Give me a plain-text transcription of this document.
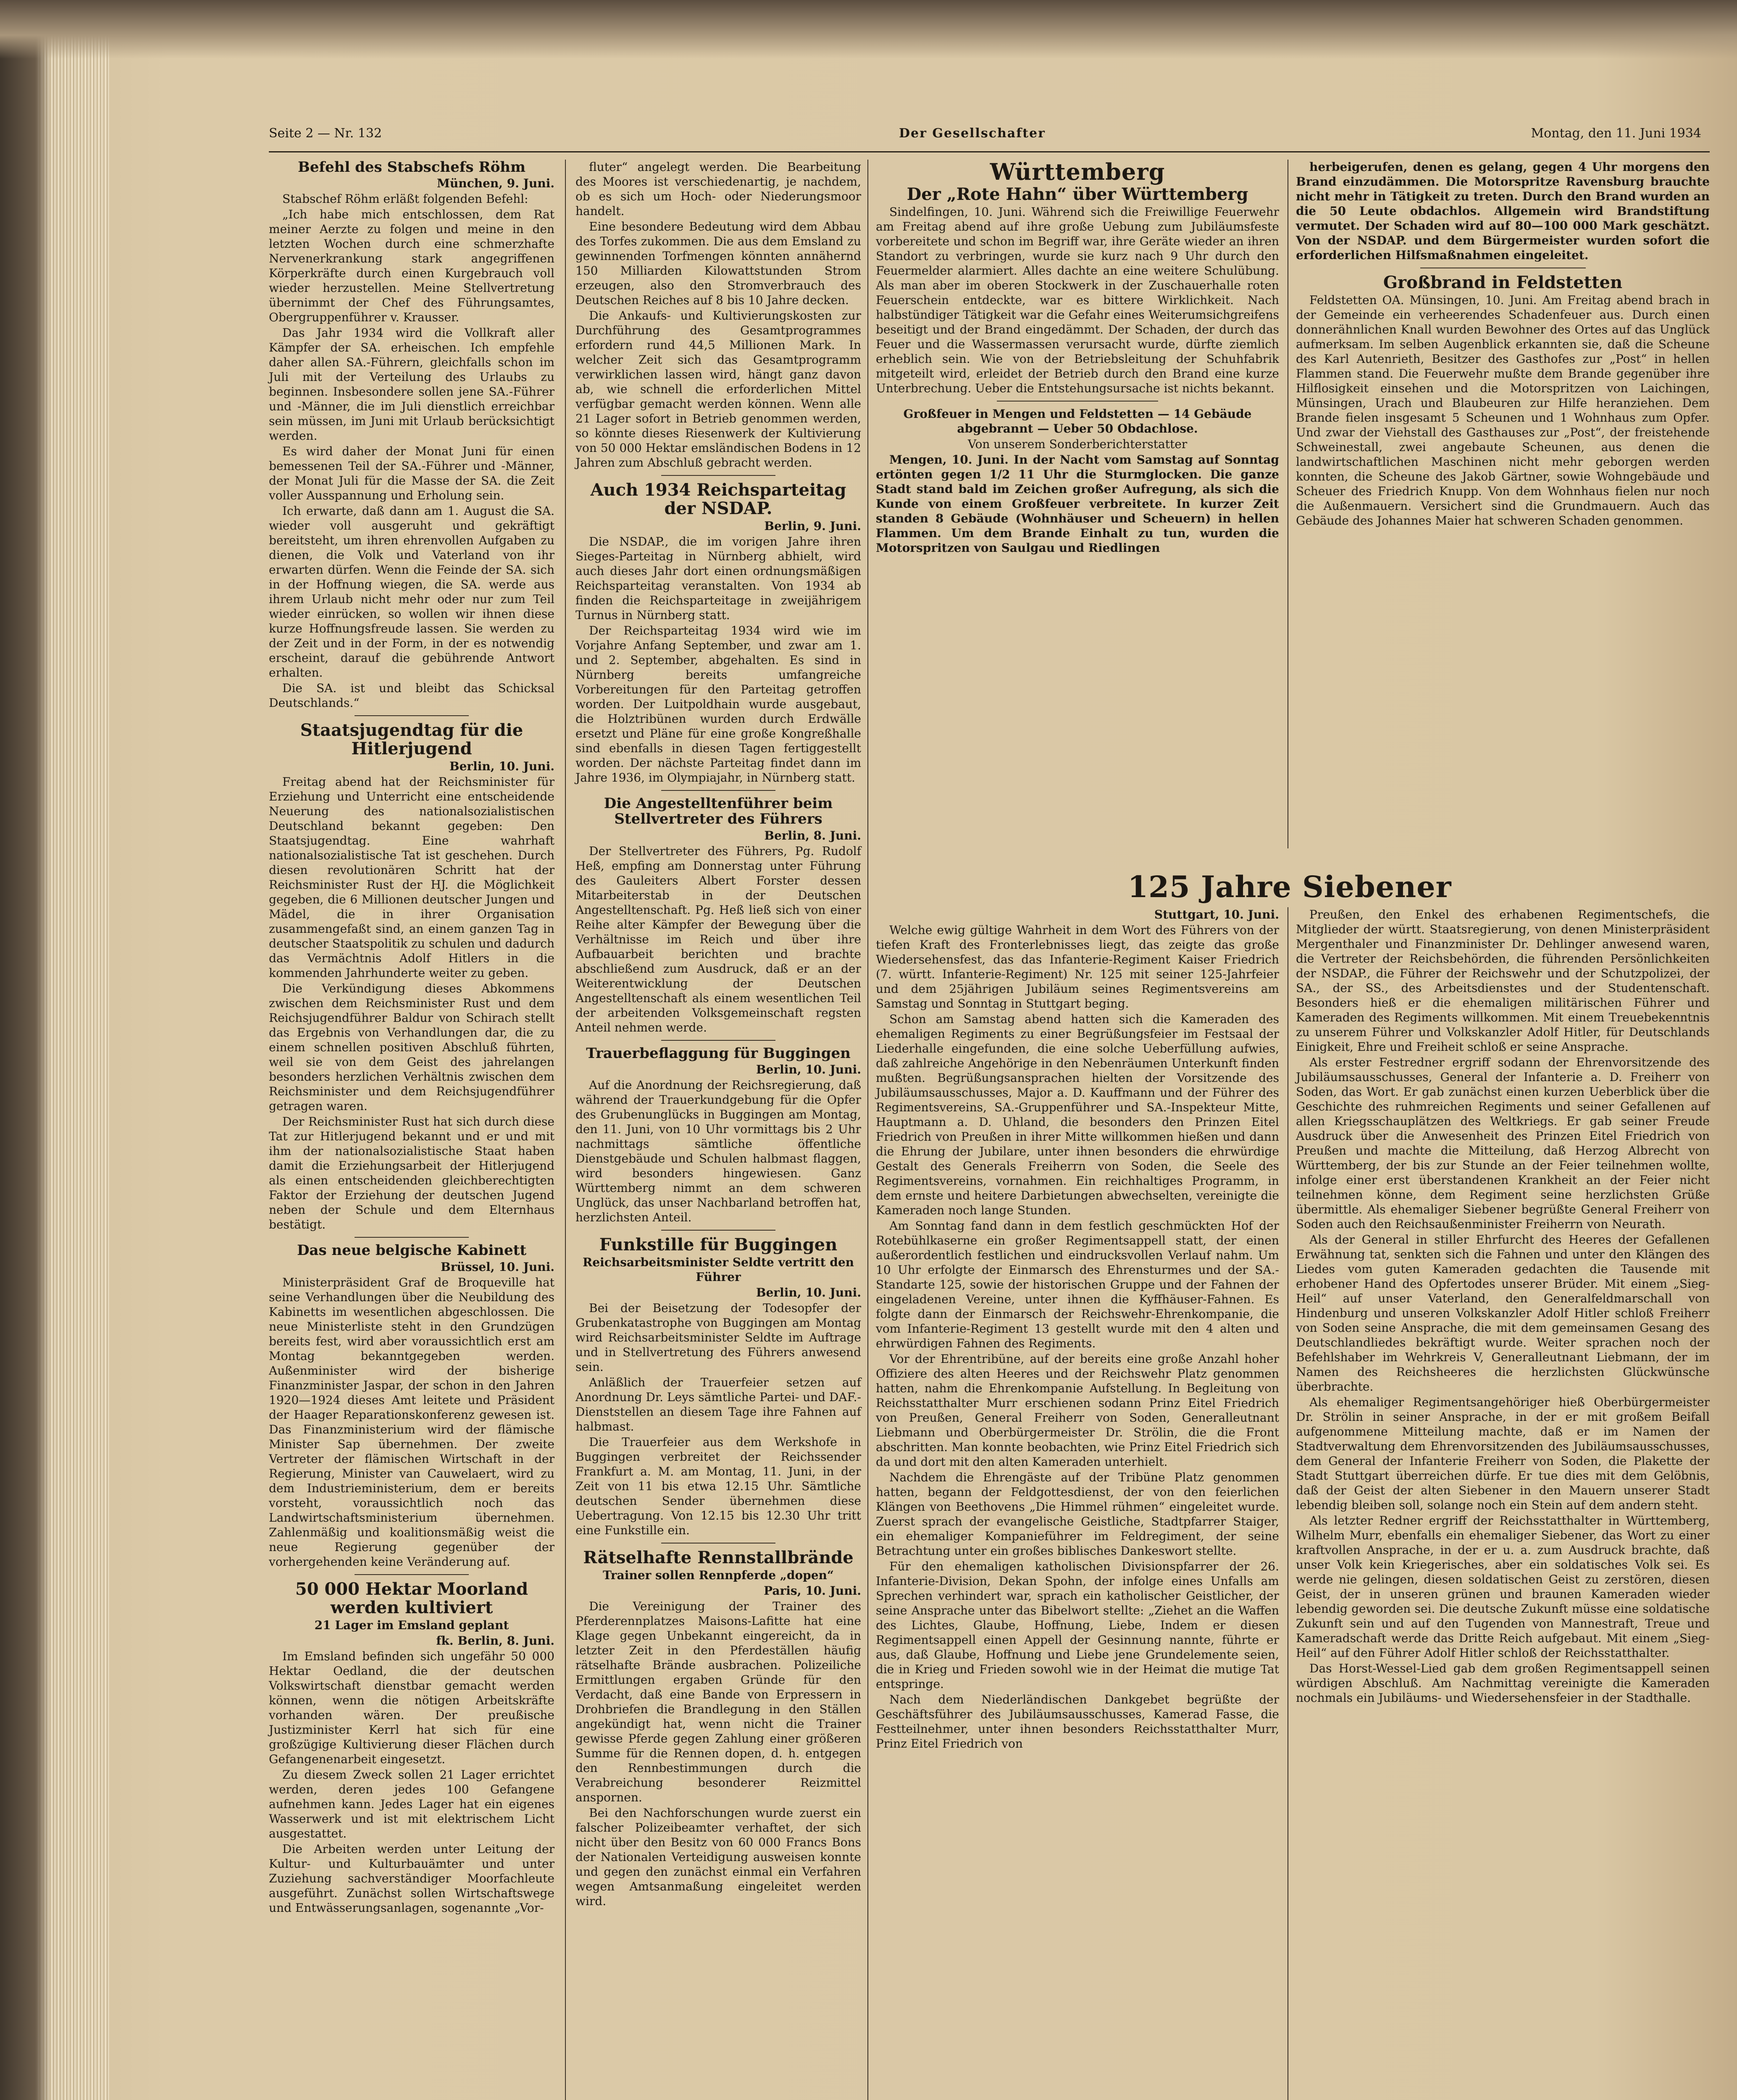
Seite 2 — Nr. 132	Der Gesellschafter	Montag, den 11. Juni 1934

Befehl des Stabschefs Röhm

München, 9. Juni.

Stabschef Röhm erläßt folgenden Befehl:

„Ich habe mich entschlossen, dem Rat meiner Aerzte zu folgen und meine in den letzten Wochen durch eine schmerzhafte Nervenerkrankung stark angegriffenen Körperkräfte durch einen Kurgebrauch voll wieder herzustellen. Meine Stellvertretung übernimmt der Chef des Führungsamtes, Obergruppenführer v. Krausser.

Das Jahr 1934 wird die Vollkraft aller Kämpfer der SA. erheischen. Ich empfehle daher allen SA.-Führern, gleichfalls schon im Juli mit der Verteilung des Urlaubs zu beginnen. Insbesondere sollen jene SA.-Führer und -Männer, die im Juli dienstlich erreichbar sein müssen, im Juni mit Urlaub berücksichtigt werden.

Es wird daher der Monat Juni für einen bemessenen Teil der SA.-Führer und -Männer, der Monat Juli für die Masse der SA. die Zeit voller Ausspannung und Erholung sein.

Ich erwarte, daß dann am 1. August die SA. wieder voll ausgeruht und gekräftigt bereitsteht, um ihren ehrenvollen Aufgaben zu dienen, die Volk und Vaterland von ihr erwarten dürfen. Wenn die Feinde der SA. sich in der Hoffnung wiegen, die SA. werde aus ihrem Urlaub nicht mehr oder nur zum Teil wieder einrücken, so wollen wir ihnen diese kurze Hoffnungsfreude lassen. Sie werden zu der Zeit und in der Form, in der es notwendig erscheint, darauf die gebührende Antwort erhalten.

Die SA. ist und bleibt das Schicksal Deutschlands.“

Staatsjugendtag für die Hitlerjugend

Berlin, 10. Juni.

Freitag abend hat der Reichsminister für Erziehung und Unterricht eine entscheidende Neuerung des nationalsozialistischen Deutschland bekannt gegeben: Den Staatsjugendtag. Eine wahrhaft nationalsozialistische Tat ist geschehen. Durch diesen revolutionären Schritt hat der Reichsminister Rust der HJ. die Möglichkeit gegeben, die 6 Millionen deutscher Jungen und Mädel, die in ihrer Organisation zusammengefaßt sind, an einem ganzen Tag in deutscher Staatspolitik zu schulen und dadurch das Vermächtnis Adolf Hitlers in die kommenden Jahrhunderte weiter zu geben.

Die Verkündigung dieses Abkommens zwischen dem Reichsminister Rust und dem Reichsjugendführer Baldur von Schirach stellt das Ergebnis von Verhandlungen dar, die zu einem schnellen positiven Abschluß führten, weil sie von dem Geist des jahrelangen besonders herzlichen Verhältnis zwischen dem Reichsminister und dem Reichsjugendführer getragen waren.

Der Reichsminister Rust hat sich durch diese Tat zur Hitlerjugend bekannt und er und mit ihm der nationalsozialistische Staat haben damit die Erziehungsarbeit der Hitlerjugend als einen entscheidenden gleichberechtigten Faktor der Erziehung der deutschen Jugend neben der Schule und dem Elternhaus bestätigt.

Das neue belgische Kabinett

Brüssel, 10. Juni.

Ministerpräsident Graf de Broqueville hat seine Verhandlungen über die Neubildung des Kabinetts im wesentlichen abgeschlossen. Die neue Ministerliste steht in den Grundzügen bereits fest, wird aber voraussichtlich erst am Montag bekanntgegeben werden. Außenminister wird der bisherige Finanzminister Jaspar, der schon in den Jahren 1920—1924 dieses Amt leitete und Präsident der Haager Reparationskonferenz gewesen ist. Das Finanzministerium wird der flämische Minister Sap übernehmen. Der zweite Vertreter der flämischen Wirtschaft in der Regierung, Minister van Cauwelaert, wird zu dem Industrieministerium, dem er bereits vorsteht, voraussichtlich noch das Landwirtschaftsministerium übernehmen. Zahlenmäßig und koalitionsmäßig weist die neue Regierung gegenüber der vorhergehenden keine Veränderung auf.

50 000 Hektar Moorland werden kultiviert

21 Lager im Emsland geplant

fk. Berlin, 8. Juni.

Im Emsland befinden sich ungefähr 50 000 Hektar Oedland, die der deutschen Volkswirtschaft dienstbar gemacht werden können, wenn die nötigen Arbeitskräfte vorhanden wären. Der preußische Justizminister Kerrl hat sich für eine großzügige Kultivierung dieser Flächen durch Gefangenenarbeit eingesetzt.

Zu diesem Zweck sollen 21 Lager errichtet werden, deren jedes 100 Gefangene aufnehmen kann. Jedes Lager hat ein eigenes Wasserwerk und ist mit elektrischem Licht ausgestattet.

Die Arbeiten werden unter Leitung der Kultur- und Kulturbauämter und unter Zuziehung sachverständiger Moorfachleute ausgeführt. Zunächst sollen Wirtschaftswege und Entwässerungsanlagen, sogenannte „Vor-

fluter“ angelegt werden. Die Bearbeitung des Moores ist verschiedenartig, je nachdem, ob es sich um Hoch- oder Niederungsmoor handelt.

Eine besondere Bedeutung wird dem Abbau des Torfes zukommen. Die aus dem Emsland zu gewinnenden Torfmengen könnten annähernd 150 Milliarden Kilowattstunden Strom erzeugen, also den Stromverbrauch des Deutschen Reiches auf 8 bis 10 Jahre decken.

Die Ankaufs- und Kultivierungskosten zur Durchführung des Gesamtprogrammes erfordern rund 44,5 Millionen Mark. In welcher Zeit sich das Gesamtprogramm verwirklichen lassen wird, hängt ganz davon ab, wie schnell die erforderlichen Mittel verfügbar gemacht werden können. Wenn alle 21 Lager sofort in Betrieb genommen werden, so könnte dieses Riesenwerk der Kultivierung von 50 000 Hektar emsländischen Bodens in 12 Jahren zum Abschluß gebracht werden.

Auch 1934 Reichsparteitag der NSDAP.

Berlin, 9. Juni.

Die NSDAP., die im vorigen Jahre ihren Sieges-Parteitag in Nürnberg abhielt, wird auch dieses Jahr dort einen ordnungsmäßigen Reichsparteitag veranstalten. Von 1934 ab finden die Reichsparteitage in zweijährigem Turnus in Nürnberg statt.

Der Reichsparteitag 1934 wird wie im Vorjahre Anfang September, und zwar am 1. und 2. September, abgehalten. Es sind in Nürnberg bereits umfangreiche Vorbereitungen für den Parteitag getroffen worden. Der Luitpoldhain wurde ausgebaut, die Holztribünen wurden durch Erdwälle ersetzt und Pläne für eine große Kongreßhalle sind ebenfalls in diesen Tagen fertiggestellt worden. Der nächste Parteitag findet dann im Jahre 1936, im Olympiajahr, in Nürnberg statt.

Die Angestelltenführer beim Stellvertreter des Führers

Berlin, 8. Juni.

Der Stellvertreter des Führers, Pg. Rudolf Heß, empfing am Donnerstag unter Führung des Gauleiters Albert Forster dessen Mitarbeiterstab in der Deutschen Angestelltenschaft. Pg. Heß ließ sich von einer Reihe alter Kämpfer der Bewegung über die Verhältnisse im Reich und über ihre Aufbauarbeit berichten und brachte abschließend zum Ausdruck, daß er an der Weiterentwicklung der Deutschen Angestelltenschaft als einem wesentlichen Teil der arbeitenden Volksgemeinschaft regsten Anteil nehmen werde.

Trauerbeflaggung für Buggingen

Berlin, 10. Juni.

Auf die Anordnung der Reichsregierung, daß während der Trauerkundgebung für die Opfer des Grubenunglücks in Buggingen am Montag, den 11. Juni, von 10 Uhr vormittags bis 2 Uhr nachmittags sämtliche öffentliche Dienstgebäude und Schulen halbmast flaggen, wird besonders hingewiesen. Ganz Württemberg nimmt an dem schweren Unglück, das unser Nachbarland betroffen hat, herzlichsten Anteil.

Funkstille für Buggingen

Reichsarbeitsminister Seldte vertritt den Führer

Berlin, 10. Juni.

Bei der Beisetzung der Todesopfer der Grubenkatastrophe von Buggingen am Montag wird Reichsarbeitsminister Seldte im Auftrage und in Stellvertretung des Führers anwesend sein.

Anläßlich der Trauerfeier setzen auf Anordnung Dr. Leys sämtliche Partei- und DAF.-Dienststellen an diesem Tage ihre Fahnen auf halbmast.

Die Trauerfeier aus dem Werkshofe in Buggingen verbreitet der Reichssender Frankfurt a. M. am Montag, 11. Juni, in der Zeit von 11 bis etwa 12.15 Uhr. Sämtliche deutschen Sender übernehmen diese Uebertragung. Von 12.15 bis 12.30 Uhr tritt eine Funkstille ein.

Rätselhafte Rennstallbrände

Trainer sollen Rennpferde „dopen“

Paris, 10. Juni.

Die Vereinigung der Trainer des Pferderennplatzes Maisons-Lafitte hat eine Klage gegen Unbekannt eingereicht, da in letzter Zeit in den Pferdeställen häufig rätselhafte Brände ausbrachen. Polizeiliche Ermittlungen ergaben Gründe für den Verdacht, daß eine Bande von Erpressern in Drohbriefen die Brandlegung in den Ställen angekündigt hat, wenn nicht die Trainer gewisse Pferde gegen Zahlung einer größeren Summe für die Rennen dopen, d. h. entgegen den Rennbestimmungen durch die Verabreichung besonderer Reizmittel anspornen.

Bei den Nachforschungen wurde zuerst ein falscher Polizeibeamter verhaftet, der sich nicht über den Besitz von 60 000 Francs Bons der Nationalen Verteidigung ausweisen konnte und gegen den zunächst einmal ein Verfahren wegen Amtsanmaßung eingeleitet werden wird.

Württemberg

Der „Rote Hahn“ über Württemberg

Sindelfingen, 10. Juni. Während sich die Freiwillige Feuerwehr am Freitag abend auf ihre große Uebung zum Jubiläumsfeste vorbereitete und schon im Begriff war, ihre Geräte wieder an ihren Standort zu verbringen, wurde sie kurz nach 9 Uhr durch den Feuermelder alarmiert. Alles dachte an eine weitere Schulübung. Als man aber im oberen Stockwerk in der Zuschauerhalle roten Feuerschein entdeckte, war es bittere Wirklichkeit. Nach halbstündiger Tätigkeit war die Gefahr eines Weiterumsichgreifens beseitigt und der Brand eingedämmt. Der Schaden, der durch das Feuer und die Wassermassen verursacht wurde, dürfte ziemlich erheblich sein. Wie von der Betriebsleitung der Schuhfabrik mitgeteilt wird, erleidet der Betrieb durch den Brand eine kurze Unterbrechung. Ueber die Entstehungsursache ist nichts bekannt.

Großfeuer in Mengen und Feldstetten — 14 Gebäude abgebrannt — Ueber 50 Obdachlose.

Von unserem Sonderberichterstatter

Mengen, 10. Juni. In der Nacht vom Samstag auf Sonntag ertönten gegen 1/2 11 Uhr die Sturmglocken. Die ganze Stadt stand bald im Zeichen großer Aufregung, als sich die Kunde von einem Großfeuer verbreitete. In kurzer Zeit standen 8 Gebäude (Wohnhäuser und Scheuern) in hellen Flammen. Um dem Brande Einhalt zu tun, wurden die Motorspritzen von Saulgau und Riedlingen

herbeigerufen, denen es gelang, gegen 4 Uhr morgens den Brand einzudämmen. Die Motorspritze Ravensburg brauchte nicht mehr in Tätigkeit zu treten. Durch den Brand wurden an die 50 Leute obdachlos. Allgemein wird Brandstiftung vermutet. Der Schaden wird auf 80—100 000 Mark geschätzt. Von der NSDAP. und dem Bürgermeister wurden sofort die erforderlichen Hilfsmaßnahmen eingeleitet.

Großbrand in Feldstetten

Feldstetten OA. Münsingen, 10. Juni. Am Freitag abend brach in der Gemeinde ein verheerendes Schadenfeuer aus. Durch einen donnerähnlichen Knall wurden Bewohner des Ortes auf das Unglück aufmerksam. Im selben Augenblick erkannten sie, daß die Scheune des Karl Autenrieth, Besitzer des Gasthofes zur „Post“ in hellen Flammen stand. Die Feuerwehr mußte dem Brande gegenüber ihre Hilflosigkeit einsehen und die Motorspritzen von Laichingen, Münsingen, Urach und Blaubeuren zur Hilfe heranziehen. Dem Brande fielen insgesamt 5 Scheunen und 1 Wohnhaus zum Opfer. Und zwar der Viehstall des Gasthauses zur „Post“, der freistehende Schweinestall, zwei angebaute Scheunen, aus denen die landwirtschaftlichen Maschinen nicht mehr geborgen werden konnten, die Scheune des Jakob Gärtner, sowie Wohngebäude und Scheuer des Friedrich Knupp. Von dem Wohnhaus fielen nur noch die Außenmauern. Versichert sind die Grundmauern. Auch das Gebäude des Johannes Maier hat schweren Schaden genommen.

125 Jahre Siebener

Stuttgart, 10. Juni.

Welche ewig gültige Wahrheit in dem Wort des Führers von der tiefen Kraft des Fronterlebnisses liegt, das zeigte das große Wiedersehensfest, das das Infanterie-Regiment Kaiser Friedrich (7. württ. Infanterie-Regiment) Nr. 125 mit seiner 125-Jahrfeier und dem 25jährigen Jubiläum seines Regimentsvereins am Samstag und Sonntag in Stuttgart beging.

Schon am Samstag abend hatten sich die Kameraden des ehemaligen Regiments zu einer Begrüßungsfeier im Festsaal der Liederhalle eingefunden, die eine solche Ueberfüllung aufwies, daß zahlreiche Angehörige in den Nebenräumen Unterkunft finden mußten. Begrüßungsansprachen hielten der Vorsitzende des Jubiläumsausschusses, Major a. D. Kauffmann und der Führer des Regimentsvereins, SA.-Gruppenführer und SA.-Inspekteur Mitte, Hauptmann a. D. Uhland, die besonders den Prinzen Eitel Friedrich von Preußen in ihrer Mitte willkommen hießen und dann die Ehrung der Jubilare, unter ihnen besonders die ehrwürdige Gestalt des Generals Freiherrn von Soden, die Seele des Regimentsvereins, vornahmen. Ein reichhaltiges Programm, in dem ernste und heitere Darbietungen abwechselten, vereinigte die Kameraden noch lange Stunden.

Am Sonntag fand dann in dem festlich geschmückten Hof der Rotebühlkaserne ein großer Regimentsappell statt, der einen außerordentlich festlichen und eindrucksvollen Verlauf nahm. Um 10 Uhr erfolgte der Einmarsch des Ehrensturmes und der SA.-Standarte 125, sowie der historischen Gruppe und der Fahnen der eingeladenen Vereine, unter ihnen die Kyffhäuser-Fahnen. Es folgte dann der Einmarsch der Reichswehr-Ehrenkompanie, die vom Infanterie-Regiment 13 gestellt wurde mit den 4 alten und ehrwürdigen Fahnen des Regiments.

Vor der Ehrentribüne, auf der bereits eine große Anzahl hoher Offiziere des alten Heeres und der Reichswehr Platz genommen hatten, nahm die Ehrenkompanie Aufstellung. In Begleitung von Reichsstatthalter Murr erschienen sodann Prinz Eitel Friedrich von Preußen, General Freiherr von Soden, Generalleutnant Liebmann und Oberbürgermeister Dr. Strölin, die die Front abschritten. Man konnte beobachten, wie Prinz Eitel Friedrich sich da und dort mit den alten Kameraden unterhielt.

Nachdem die Ehrengäste auf der Tribüne Platz genommen hatten, begann der Feldgottesdienst, der von den feierlichen Klängen von Beethovens „Die Himmel rühmen“ eingeleitet wurde. Zuerst sprach der evangelische Geistliche, Stadtpfarrer Staiger, ein ehemaliger Kompanieführer im Feldregiment, der seine Betrachtung unter ein großes biblisches Dankeswort stellte.

Für den ehemaligen katholischen Divisionspfarrer der 26. Infanterie-Division, Dekan Spohn, der infolge eines Unfalls am Sprechen verhindert war, sprach ein katholischer Geistlicher, der seine Ansprache unter das Bibelwort stellte: „Ziehet an die Waffen des Lichtes, Glaube, Hoffnung, Liebe, Indem er diesen Regimentsappell einen Appell der Gesinnung nannte, führte er aus, daß Glaube, Hoffnung und Liebe jene Grundelemente seien, die in Krieg und Frieden sowohl wie in der Heimat die mutige Tat entspringe.

Nach dem Niederländischen Dankgebet begrüßte der Geschäftsführer des Jubiläumsausschusses, Kamerad Fasse, die Festteilnehmer, unter ihnen besonders Reichsstatthalter Murr, Prinz Eitel Friedrich von

Preußen, den Enkel des erhabenen Regimentschefs, die Mitglieder der württ. Staatsregierung, von denen Ministerpräsident Mergenthaler und Finanzminister Dr. Dehlinger anwesend waren, die Vertreter der Reichsbehörden, die führenden Persönlichkeiten der NSDAP., die Führer der Reichswehr und der Schutzpolizei, der SA., der SS., des Arbeitsdienstes und der Studentenschaft. Besonders hieß er die ehemaligen militärischen Führer und Kameraden des Regiments willkommen. Mit einem Treuebekenntnis zu unserem Führer und Volkskanzler Adolf Hitler, für Deutschlands Einigkeit, Ehre und Freiheit schloß er seine Ansprache.

Als erster Festredner ergriff sodann der Ehrenvorsitzende des Jubiläumsausschusses, General der Infanterie a. D. Freiherr von Soden, das Wort. Er gab zunächst einen kurzen Ueberblick über die Geschichte des ruhmreichen Regiments und seiner Gefallenen auf allen Kriegsschauplätzen des Weltkriegs. Er gab seiner Freude Ausdruck über die Anwesenheit des Prinzen Eitel Friedrich von Preußen und machte die Mitteilung, daß Herzog Albrecht von Württemberg, der bis zur Stunde an der Feier teilnehmen wollte, infolge einer erst überstandenen Krankheit an der Feier nicht teilnehmen könne, dem Regiment seine herzlichsten Grüße übermittle. Als ehemaliger Siebener begrüßte General Freiherr von Soden auch den Reichsaußenminister Freiherrn von Neurath.

Als der General in stiller Ehrfurcht des Heeres der Gefallenen Erwähnung tat, senkten sich die Fahnen und unter den Klängen des Liedes vom guten Kameraden gedachten die Tausende mit erhobener Hand des Opfertodes unserer Brüder. Mit einem „Sieg-Heil“ auf unser Vaterland, den Generalfeldmarschall von Hindenburg und unseren Volkskanzler Adolf Hitler schloß Freiherr von Soden seine Ansprache, die mit dem gemeinsamen Gesang des Deutschlandliedes bekräftigt wurde. Weiter sprachen noch der Befehlshaber im Wehrkreis V, Generalleutnant Liebmann, der im Namen des Reichsheeres die herzlichsten Glückwünsche überbrachte.

Als ehemaliger Regimentsangehöriger hieß Oberbürgermeister Dr. Strölin in seiner Ansprache, in der er mit großem Beifall aufgenommene Mitteilung machte, daß er im Namen der Stadtverwaltung dem Ehrenvorsitzenden des Jubiläumsausschusses, dem General der Infanterie Freiherr von Soden, die Plakette der Stadt Stuttgart überreichen dürfe. Er tue dies mit dem Gelöbnis, daß der Geist der alten Siebener in den Mauern unserer Stadt lebendig bleiben soll, solange noch ein Stein auf dem andern steht.

Als letzter Redner ergriff der Reichsstatthalter in Württemberg, Wilhelm Murr, ebenfalls ein ehemaliger Siebener, das Wort zu einer kraftvollen Ansprache, in der er u. a. zum Ausdruck brachte, daß unser Volk kein Kriegerisches, aber ein soldatisches Volk sei. Es werde nie gelingen, diesen soldatischen Geist zu zerstören, diesen Geist, der in unseren grünen und braunen Kameraden wieder lebendig geworden sei. Die deutsche Zukunft müsse eine soldatische Zukunft sein und auf den Tugenden von Mannestraft, Treue und Kameradschaft werde das Dritte Reich aufgebaut. Mit einem „Sieg-Heil“ auf den Führer Adolf Hitler schloß der Reichsstatthalter.

Das Horst-Wessel-Lied gab dem großen Regimentsappell seinen würdigen Abschluß. Am Nachmittag vereinigte die Kameraden nochmals ein Jubiläums- und Wiedersehensfeier in der Stadthalle.
